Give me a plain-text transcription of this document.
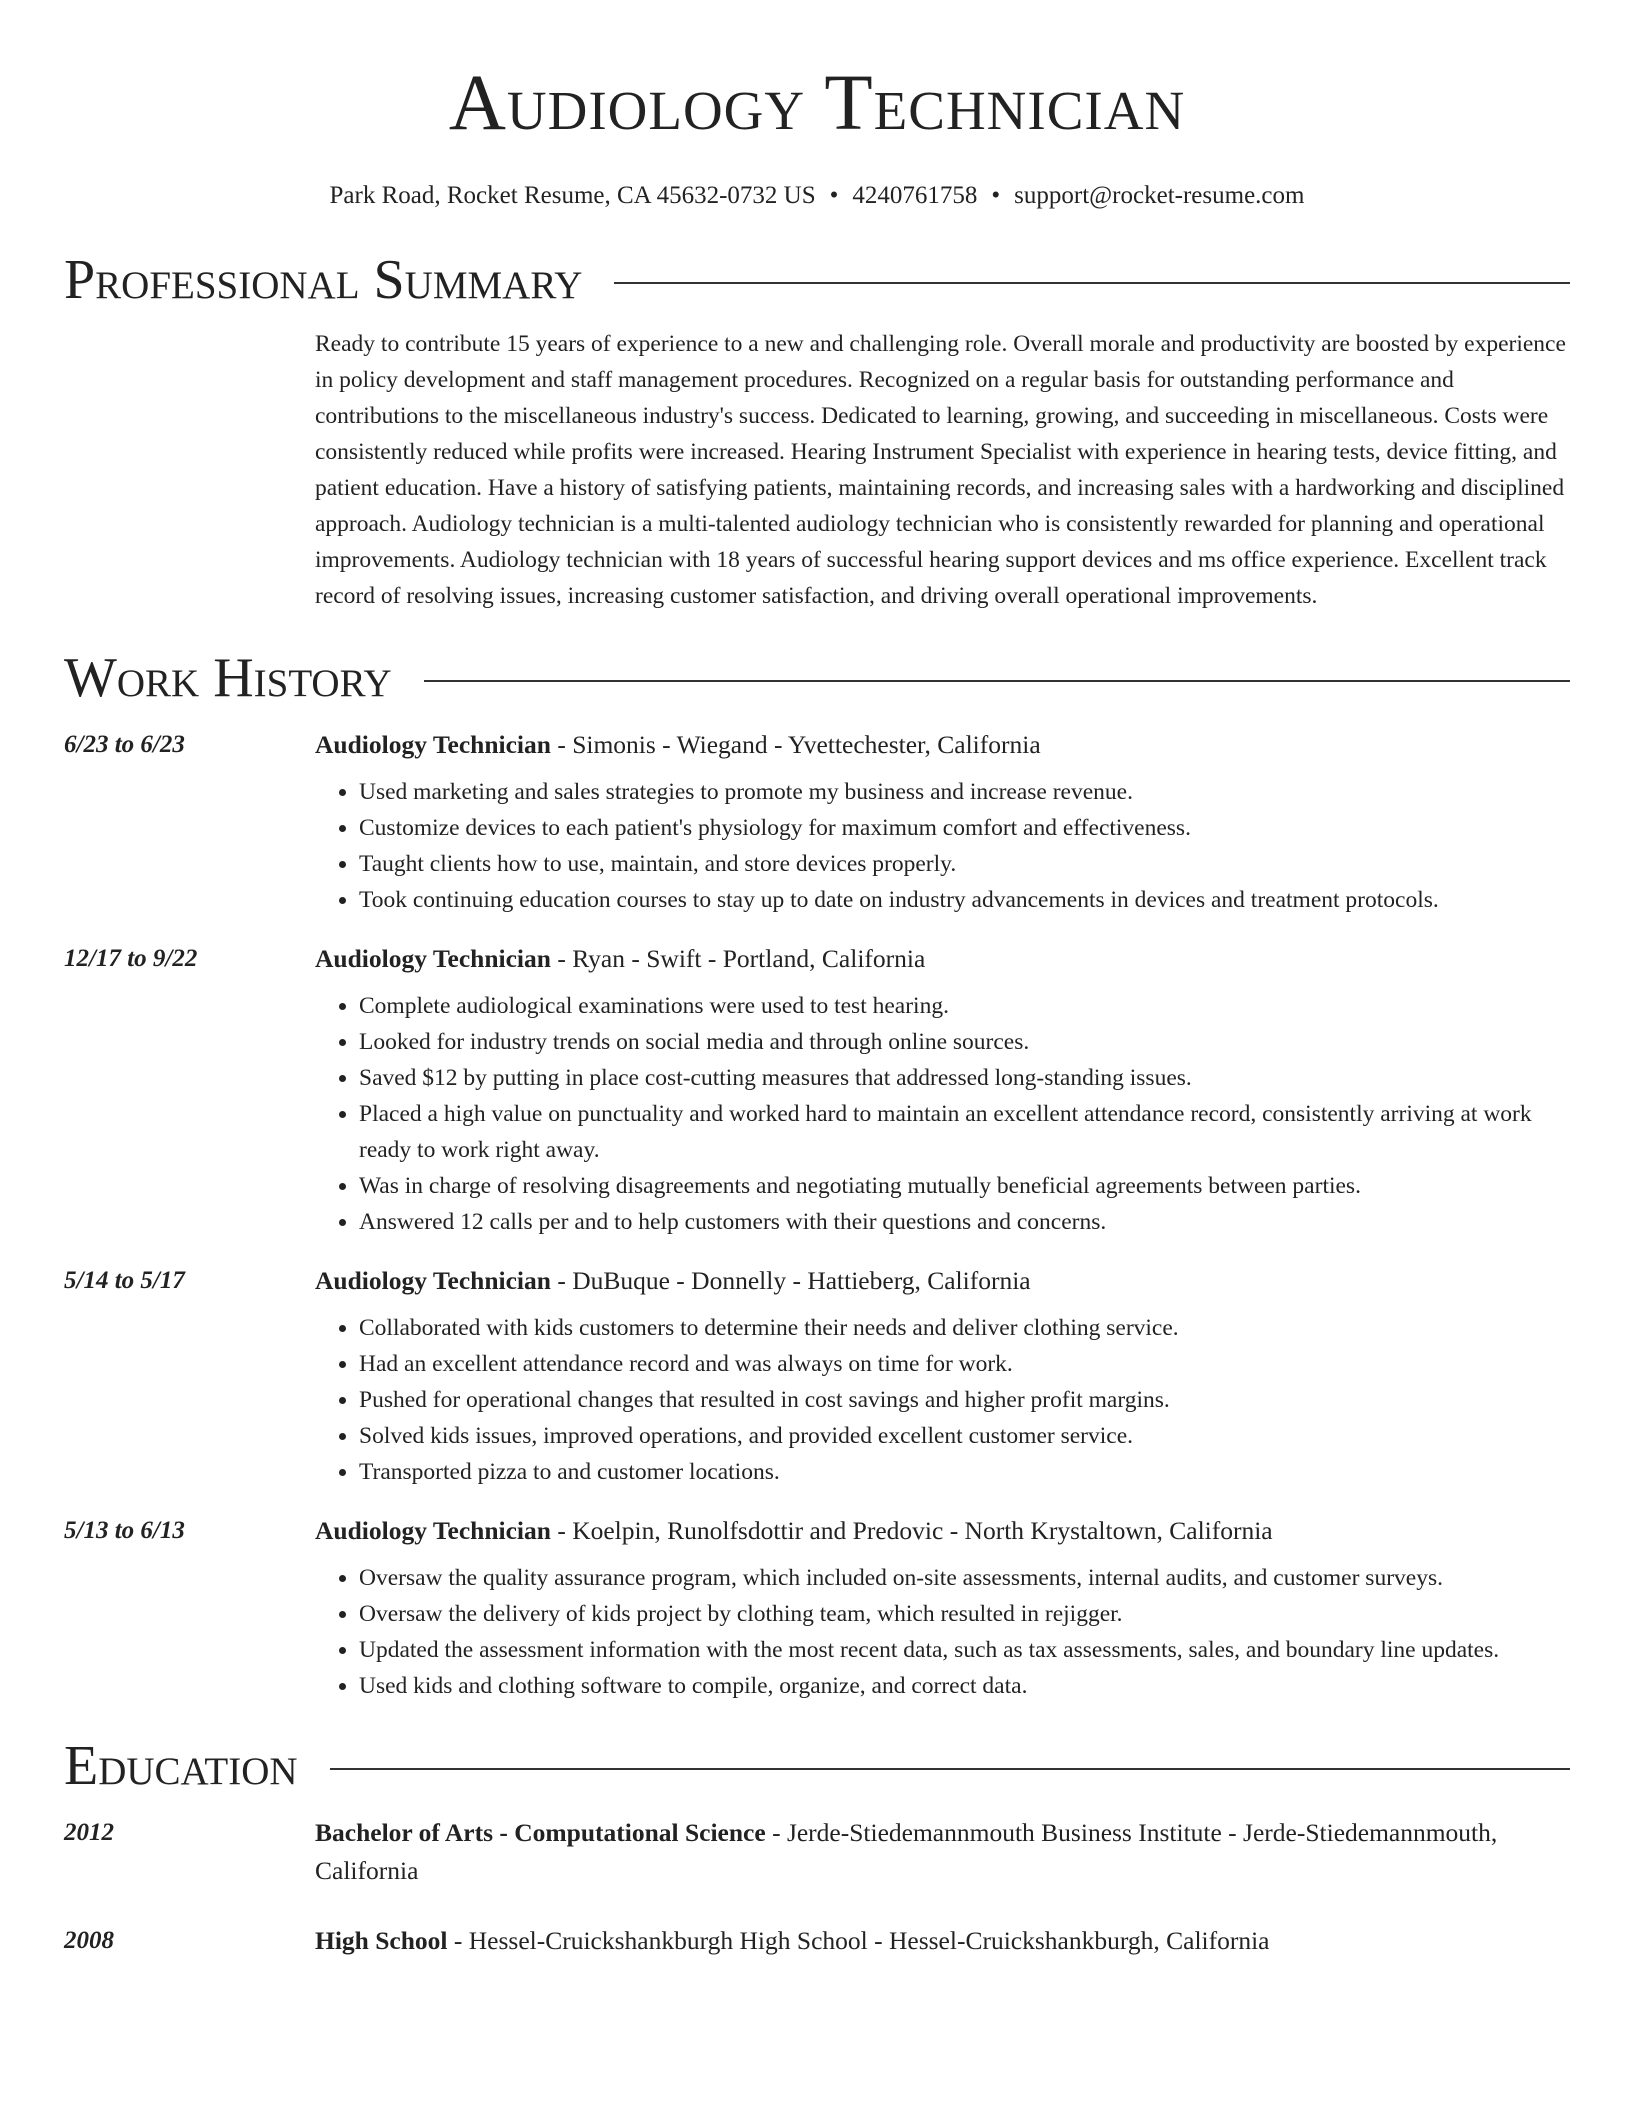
Audiology Technician
Park Road, Rocket Resume, CA 45632-0732 US • 4240761758 • support@rocket-resume.com
Professional Summary
Ready to contribute 15 years of experience to a new and challenging role. Overall morale and productivity are boosted by experience in policy development and staff management procedures. Recognized on a regular basis for outstanding performance and contributions to the miscellaneous industry's success. Dedicated to learning, growing, and succeeding in miscellaneous. Costs were consistently reduced while profits were increased. Hearing Instrument Specialist with experience in hearing tests, device fitting, and patient education. Have a history of satisfying patients, maintaining records, and increasing sales with a hardworking and disciplined approach. Audiology technician is a multi-talented audiology technician who is consistently rewarded for planning and operational improvements. Audiology technician with 18 years of successful hearing support devices and ms office experience. Excellent track record of resolving issues, increasing customer satisfaction, and driving overall operational improvements.
Work History
6/23 to 6/23	Audiology Technician - Simonis - Wiegand - Yvettechester, California
• Used marketing and sales strategies to promote my business and increase revenue.
• Customize devices to each patient's physiology for maximum comfort and effectiveness.
• Taught clients how to use, maintain, and store devices properly.
• Took continuing education courses to stay up to date on industry advancements in devices and treatment protocols.
12/17 to 9/22	Audiology Technician - Ryan - Swift - Portland, California
• Complete audiological examinations were used to test hearing.
• Looked for industry trends on social media and through online sources.
• Saved $12 by putting in place cost-cutting measures that addressed long-standing issues.
• Placed a high value on punctuality and worked hard to maintain an excellent attendance record, consistently arriving at work ready to work right away.
• Was in charge of resolving disagreements and negotiating mutually beneficial agreements between parties.
• Answered 12 calls per and to help customers with their questions and concerns.
5/14 to 5/17	Audiology Technician - DuBuque - Donnelly - Hattieberg, California
• Collaborated with kids customers to determine their needs and deliver clothing service.
• Had an excellent attendance record and was always on time for work.
• Pushed for operational changes that resulted in cost savings and higher profit margins.
• Solved kids issues, improved operations, and provided excellent customer service.
• Transported pizza to and customer locations.
5/13 to 6/13	Audiology Technician - Koelpin, Runolfsdottir and Predovic - North Krystaltown, California
• Oversaw the quality assurance program, which included on-site assessments, internal audits, and customer surveys.
• Oversaw the delivery of kids project by clothing team, which resulted in rejigger.
• Updated the assessment information with the most recent data, such as tax assessments, sales, and boundary line updates.
• Used kids and clothing software to compile, organize, and correct data.
Education
2012	Bachelor of Arts - Computational Science - Jerde-Stiedemannmouth Business Institute - Jerde-Stiedemannmouth, California
2008	High School - Hessel-Cruickshankburgh High School - Hessel-Cruickshankburgh, California
